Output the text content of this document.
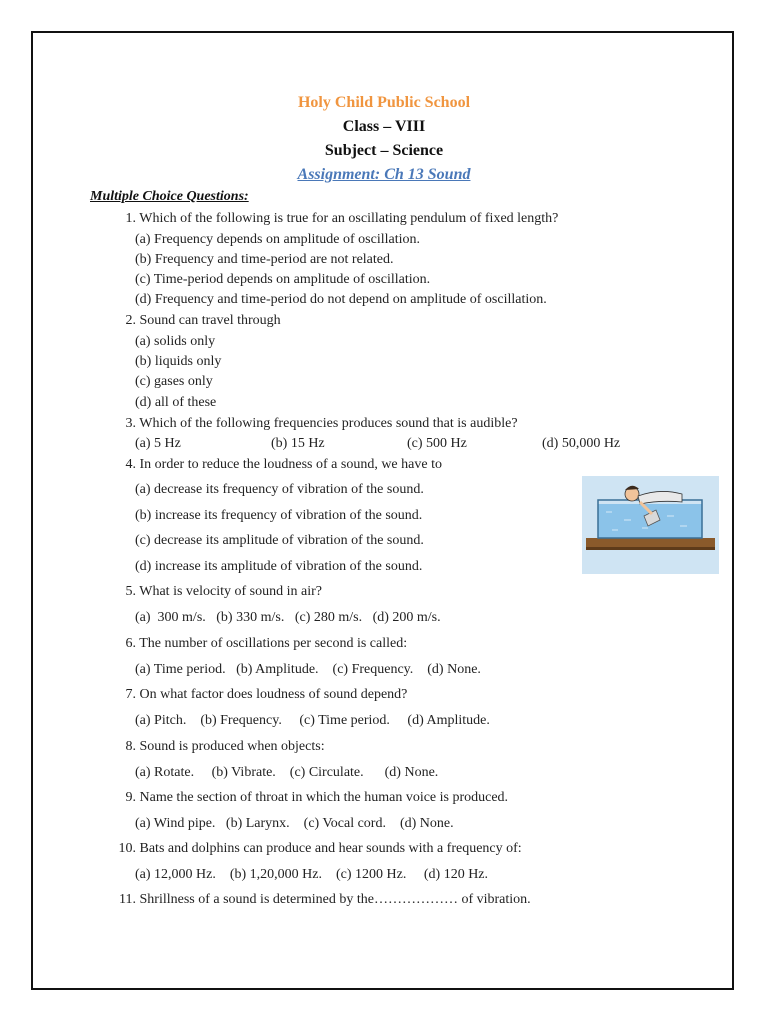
Holy Child Public School
Class – VIII
Subject – Science
Assignment: Ch 13 Sound
Multiple Choice Questions:
1. Which of the following is true for an oscillating pendulum of fixed length?
(a) Frequency depends on amplitude of oscillation.
(b) Frequency and time-period are not related.
(c) Time-period depends on amplitude of oscillation.
(d) Frequency and time-period do not depend on amplitude of oscillation.
2. Sound can travel through
(a) solids only
(b) liquids only
(c) gases only
(d) all of these
3. Which of the following frequencies produces sound that is audible?
(a) 5 Hz	(b) 15 Hz	(c) 500 Hz	(d) 50,000 Hz
4. In order to reduce the loudness of a sound, we have to
(a) decrease its frequency of vibration of the sound.
(b) increase its frequency of vibration of the sound.
(c) decrease its amplitude of vibration of the sound.
(d) increase its amplitude of vibration of the sound.
5. What is velocity of sound in air?
(a)  300 m/s.   (b) 330 m/s.   (c) 280 m/s.   (d) 200 m/s.
6. The number of oscillations per second is called:
(a) Time period.   (b) Amplitude.    (c) Frequency.    (d) None.
7. On what factor does loudness of sound depend?
(a) Pitch.    (b) Frequency.     (c) Time period.     (d) Amplitude.
8. Sound is produced when objects:
(a) Rotate.     (b) Vibrate.    (c) Circulate.      (d) None.
9. Name the section of throat in which the human voice is produced.
(a) Wind pipe.   (b) Larynx.    (c) Vocal cord.    (d) None.
10. Bats and dolphins can produce and hear sounds with a frequency of:
(a) 12,000 Hz.    (b) 1,20,000 Hz.    (c) 1200 Hz.     (d) 120 Hz.
11. Shrillness of a sound is determined by the……………… of vibration.
